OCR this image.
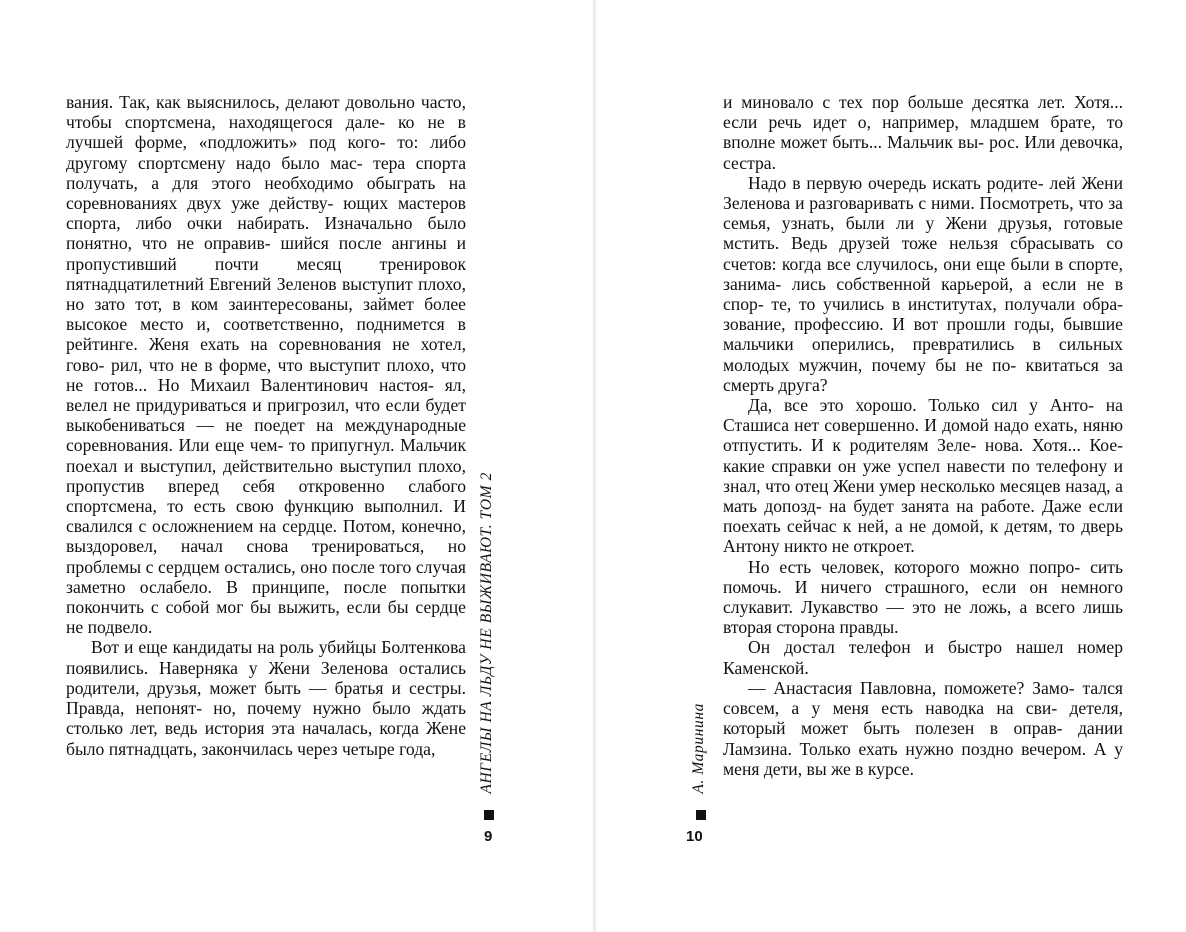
вания. Так, как выяснилось, делают довольно часто, чтобы спортсмена, находящегося дале- ко не в лучшей форме, «подложить» под кого- то: либо другому спортсмену надо было мас- тера спорта получать, а для этого необходимо обыграть на соревнованиях двух уже действу- ющих мастеров спорта, либо очки набирать. Изначально было понятно, что не оправив- шийся после ангины и пропустивший почти месяц тренировок пятнадцатилетний Евгений Зеленов выступит плохо, но зато тот, в ком заинтересованы, займет более высокое место и, соответственно, поднимется в рейтинге. Женя ехать на соревнования не хотел, гово- рил, что не в форме, что выступит плохо, что не готов... Но Михаил Валентинович настоя- ял, велел не придуриваться и пригрозил, что если будет выкобениваться — не поедет на международные соревнования. Или еще чем- то припугнул. Мальчик поехал и выступил, действительно выступил плохо, пропустив вперед себя откровенно слабого спортсмена, то есть свою функцию выполнил. И свалился с осложнением на сердце. Потом, конечно, выздоровел, начал снова тренироваться, но проблемы с сердцем остались, оно после того случая заметно ослабело. В принципе, после попытки покончить с собой мог бы выжить, если бы сердце не подвело.

Вот и еще кандидаты на роль убийцы Болтенкова появились. Наверняка у Жени Зеленова остались родители, друзья, может быть — братья и сестры. Правда, непонят- но, почему нужно было ждать столько лет, ведь история эта началась, когда Жене было пятнадцать, закончилась через четыре года,	АНГЕЛЫ НА ЛЬДУ НЕ ВЫЖИВАЮТ. ТОМ 2
9

и миновало с тех пор больше десятка лет. Хотя... если речь идет о, например, младшем брате, то вполне может быть... Мальчик вы- рос. Или девочка, сестра.

Надо в первую очередь искать родите- лей Жени Зеленова и разговаривать с ними. Посмотреть, что за семья, узнать, были ли у Жени друзья, готовые мстить. Ведь друзей тоже нельзя сбрасывать со счетов: когда все случилось, они еще были в спорте, занима- лись собственной карьерой, а если не в спор- те, то учились в институтах, получали обра- зование, профессию. И вот прошли годы, бывшие мальчики оперились, превратились в сильных молодых мужчин, почему бы не по- квитаться за смерть друга?

Да, все это хорошо. Только сил у Анто- на Сташиса нет совершенно. И домой надо ехать, няню отпустить. И к родителям Зеле- нова. Хотя... Кое-какие справки он уже успел навести по телефону и знал, что отец Жени умер несколько месяцев назад, а мать допозд- на будет занята на работе. Даже если поехать сейчас к ней, а не домой, к детям, то дверь Антону никто не откроет.

Но есть человек, которого можно попро- сить помочь. И ничего страшного, если он немного слукавит. Лукавство — это не ложь, а всего лишь вторая сторона правды.

Он достал телефон и быстро нашел номер Каменской.

— Анастасия Павловна, поможете? Замо- тался совсем, а у меня есть наводка на сви- детеля, который может быть полезен в оправ- дании Ламзина. Только ехать нужно поздно вечером. А у меня дети, вы же в курсе.

А. Маринина
10
